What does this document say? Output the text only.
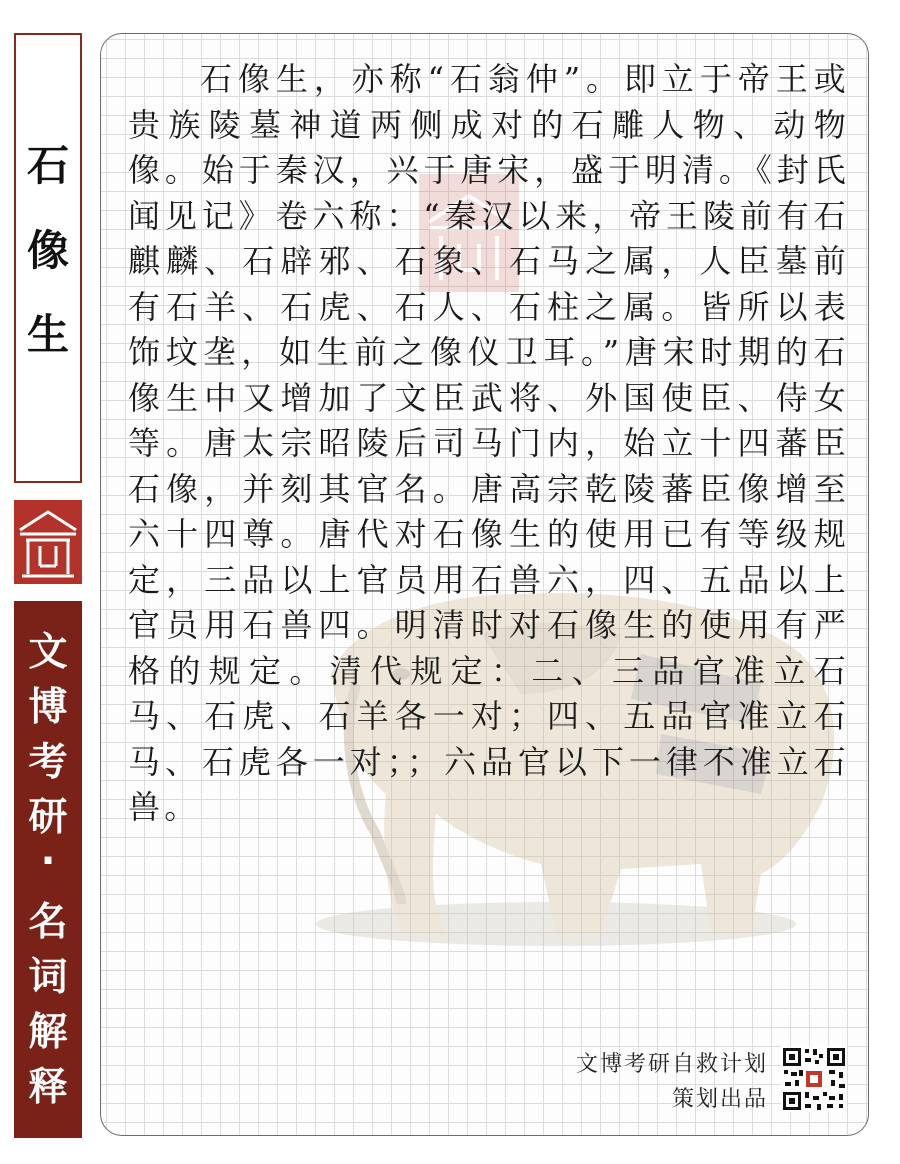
石
像
生
文
博
考
研
·
名
词
解
释
石像生，亦称“石翁仲”。即立于帝王或贵族陵墓神道两侧成对的石雕人物、动物像。始于秦汉，兴于唐宋，盛于明清。《封氏闻见记》卷六称：“秦汉以来，帝王陵前有石麒麟、石辟邪、石象、石马之属，人臣墓前有石羊、石虎、石人、石柱之属。皆所以表饰坟垄，如生前之像仪卫耳。”唐宋时期的石像生中又增加了文臣武将、外国使臣、侍女等。唐太宗昭陵后司马门内，始立十四蕃臣石像，并刻其官名。唐高宗乾陵蕃臣像增至六十四尊。唐代对石像生的使用已有等级规定，三品以上官员用石兽六，四、五品以上官员用石兽四。明清时对石像生的使用有严格的规定。清代规定：二、三品官准立石马、石虎、石羊各一对；四、五品官准立石马、石虎各一对；；六品官以下一律不准立石兽。
文博考研自救计划
策划出品
